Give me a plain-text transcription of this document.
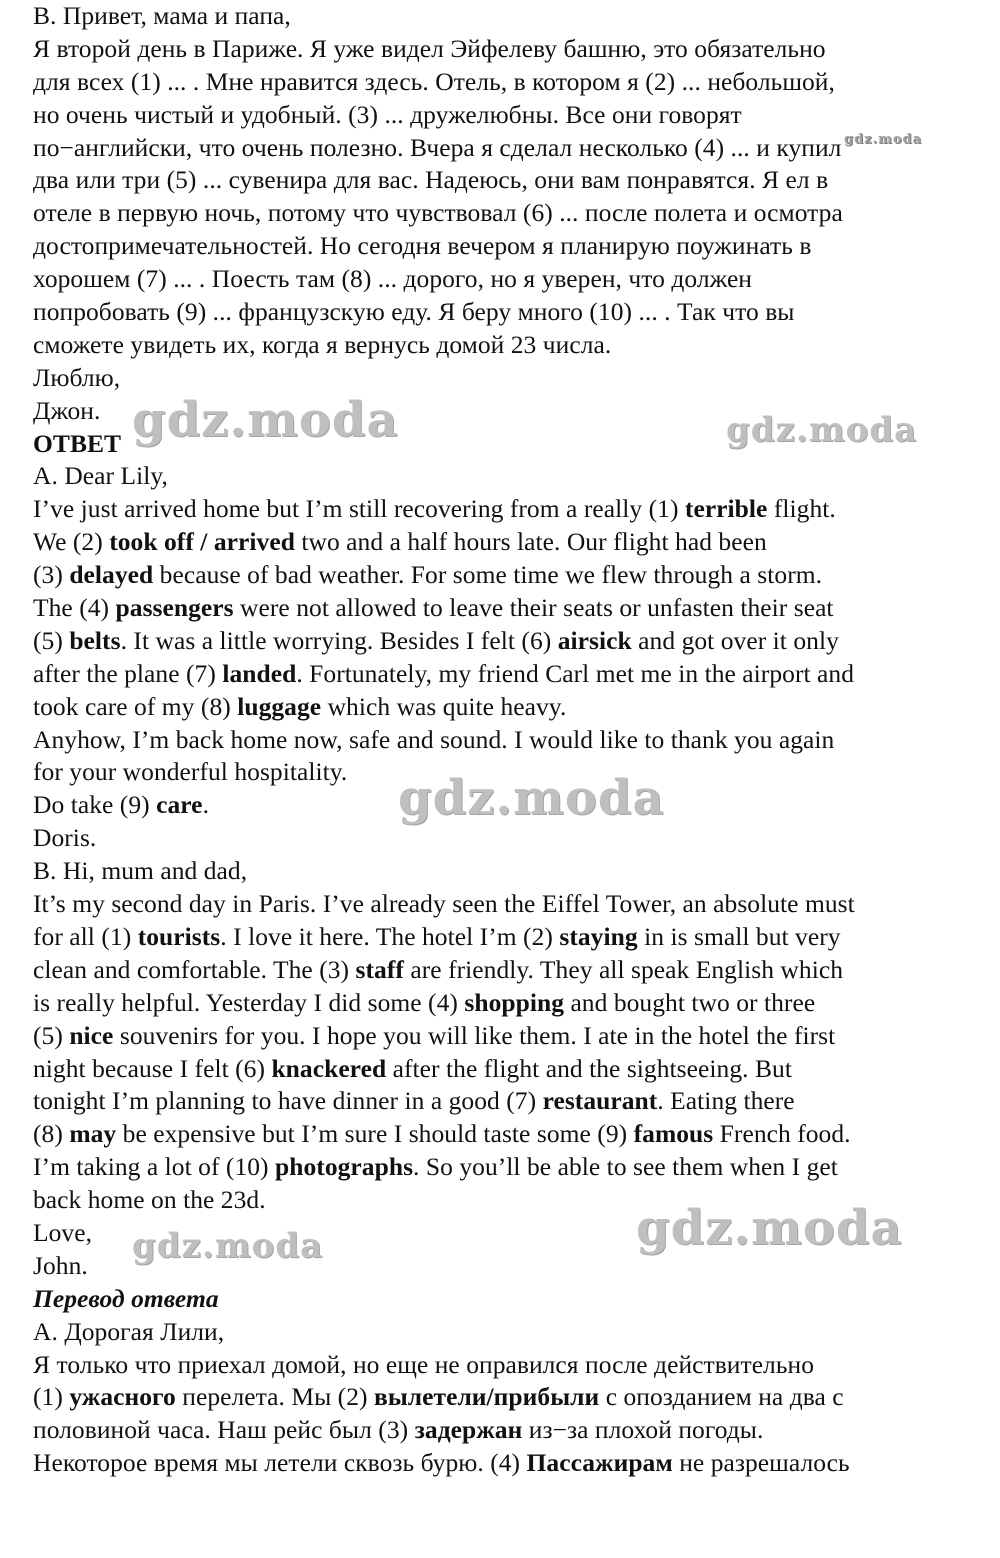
В. Привет, мама и папа,
Я второй день в Париже. Я уже видел Эйфелеву башню, это обязательно
для всех (1) ... . Мне нравится здесь. Отель, в котором я (2) ... небольшой,
но очень чистый и удобный. (3) ... дружелюбны. Все они говорят
по−английски, что очень полезно. Вчера я сделал несколько (4) ... и купил
два или три (5) ... сувенира для вас. Надеюсь, они вам понравятся. Я ел в
отеле в первую ночь, потому что чувствовал (6) ... после полета и осмотра
достопримечательностей. Но сегодня вечером я планирую поужинать в
хорошем (7) ... . Поесть там (8) ... дорого, но я уверен, что должен
попробовать (9) ... французскую еду. Я беру много (10) ... . Так что вы
сможете увидеть их, когда я вернусь домой 23 числа.
Люблю,
Джон.
ОТВЕТ
A. Dear Lily,
I’ve just arrived home but I’m still recovering from a really (1) terrible flight.
We (2) took off / arrived two and a half hours late. Our flight had been
(3) delayed because of bad weather. For some time we flew through a storm.
The (4) passengers were not allowed to leave their seats or unfasten their seat
(5) belts. It was a little worrying. Besides I felt (6) airsick and got over it only
after the plane (7) landed. Fortunately, my friend Carl met me in the airport and
took care of my (8) luggage which was quite heavy.
Anyhow, I’m back home now, safe and sound. I would like to thank you again
for your wonderful hospitality.
Do take (9) care.
Doris.
B. Hi, mum and dad,
It’s my second day in Paris. I’ve already seen the Eiffel Tower, an absolute must
for all (1) tourists. I love it here. The hotel I’m (2) staying in is small but very
clean and comfortable. The (3) staff are friendly. They all speak English which
is really helpful. Yesterday I did some (4) shopping and bought two or three
(5) nice souvenirs for you. I hope you will like them. I ate in the hotel the first
night because I felt (6) knackered after the flight and the sightseeing. But
tonight I’m planning to have dinner in a good (7) restaurant. Eating there
(8) may be expensive but I’m sure I should taste some (9) famous French food.
I’m taking a lot of (10) photographs. So you’ll be able to see them when I get
back home on the 23d.
Love,
John.
Перевод ответа
А. Дорогая Лили,
Я только что приехал домой, но еще не оправился после действительно
(1) ужасного перелета. Мы (2) вылетели/прибыли с опозданием на два с
половиной часа. Наш рейс был (3) задержан из−за плохой погоды.
Некоторое время мы летели сквозь бурю. (4) Пассажирам не разрешалось
gdz.moda
gdz.moda	gdz.moda
gdz.moda
gdz.moda
gdz.moda
